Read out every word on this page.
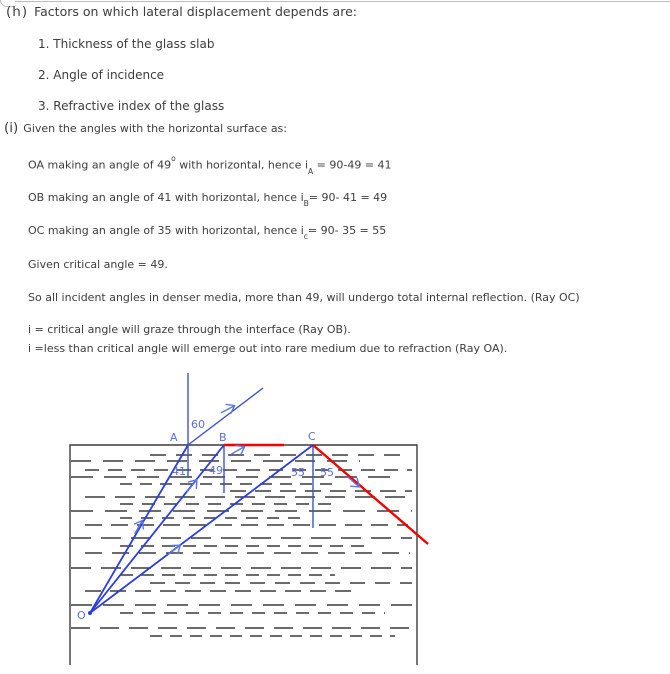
(h) Factors on which lateral displacement depends are:

1. Thickness of the glass slab

2. Angle of incidence

3. Refractive index of the glass

(i) Given the angles with the horizontal surface as:

OA making an angle of 49$^o$ with horizontal, hence $i_A = 90-49 = 41$

OB making an angle of 41 with horizontal, hence $i_B= 90-$ 41 = 49

OC making an angle of 35 with horizontal, hence $i_c= 90-$ 35 = 55

Given critical angle = 49.

So all incident angles in denser media, more than 49, will undergo total internal reflection. (Ray OC)

i = critical angle will graze through the interface (Ray OB).

i =less than critical angle will emerge out into rare medium due to refraction (Ray OA).

A	B	C
O
60
41 49	55 55
